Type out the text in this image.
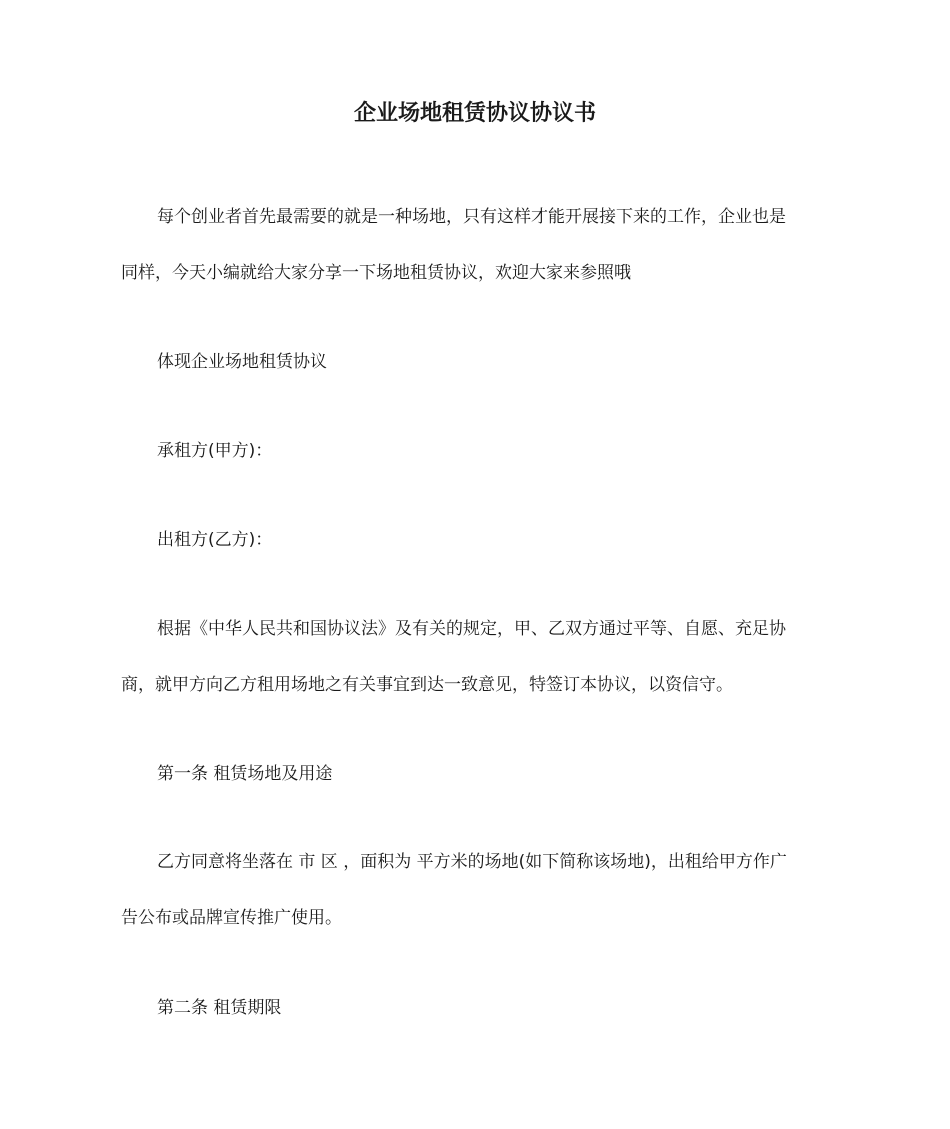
企业场地租赁协议协议书
每个创业者首先最需要的就是一种场地，只有这样才能开展接下来的工作，企业也是
同样，今天小编就给大家分享一下场地租赁协议，欢迎大家来参照哦
体现企业场地租赁协议
承租方(甲方)：
出租方(乙方)：
根据《中华人民共和国协议法》及有关的规定，甲、乙双方通过平等、自愿、充足协
商，就甲方向乙方租用场地之有关事宜到达一致意见，特签订本协议，以资信守。
第一条 租赁场地及用途
乙方同意将坐落在 市 区 ，面积为 平方米的场地(如下简称该场地)，出租给甲方作广
告公布或品牌宣传推广使用。
第二条 租赁期限
